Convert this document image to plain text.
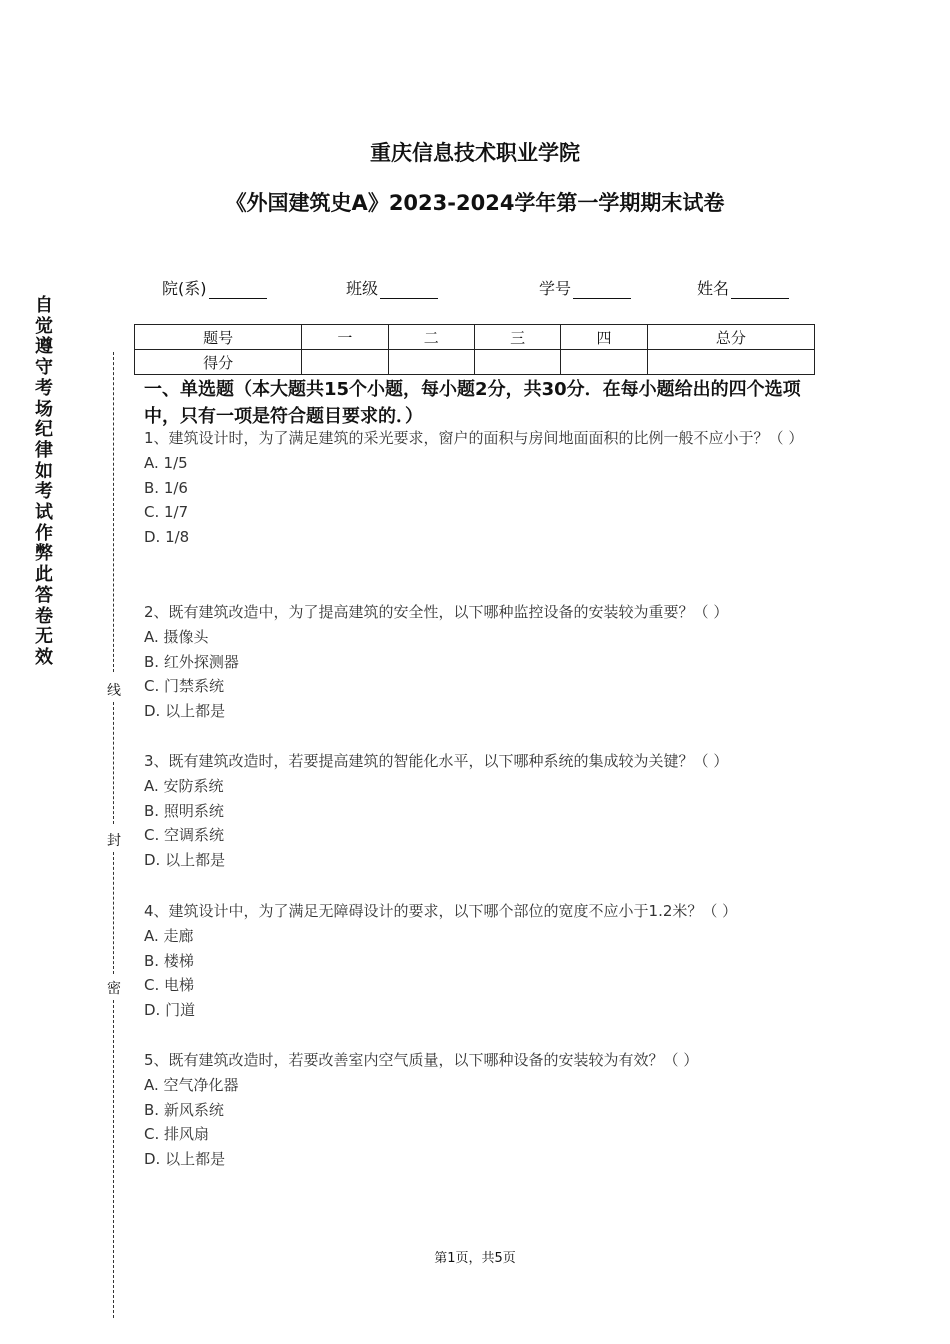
重庆信息技术职业学院
《外国建筑史A》2023-2024学年第一学期期末试卷
院(系)	班级	学号	姓名
题号	一	二	三	四	总分
得分					
自觉遵守考场纪律如考试作弊此答卷无效
线
封
密
一、单选题（本大题共15个小题，每小题2分，共30分．在每小题给出的四个选项中，只有一项是符合题目要求的．）
1、建筑设计时，为了满足建筑的采光要求，窗户的面积与房间地面面积的比例一般不应小于？（ ）
A. 1/5
B. 1/6
C. 1/7
D. 1/8
2、既有建筑改造中，为了提高建筑的安全性，以下哪种监控设备的安装较为重要？（ ）
A. 摄像头
B. 红外探测器
C. 门禁系统
D. 以上都是
3、既有建筑改造时，若要提高建筑的智能化水平，以下哪种系统的集成较为关键？（ ）
A. 安防系统
B. 照明系统
C. 空调系统
D. 以上都是
4、建筑设计中，为了满足无障碍设计的要求，以下哪个部位的宽度不应小于1.2米？（ ）
A. 走廊
B. 楼梯
C. 电梯
D. 门道
5、既有建筑改造时，若要改善室内空气质量，以下哪种设备的安装较为有效？（ ）
A. 空气净化器
B. 新风系统
C. 排风扇
D. 以上都是
第1页，共5页
